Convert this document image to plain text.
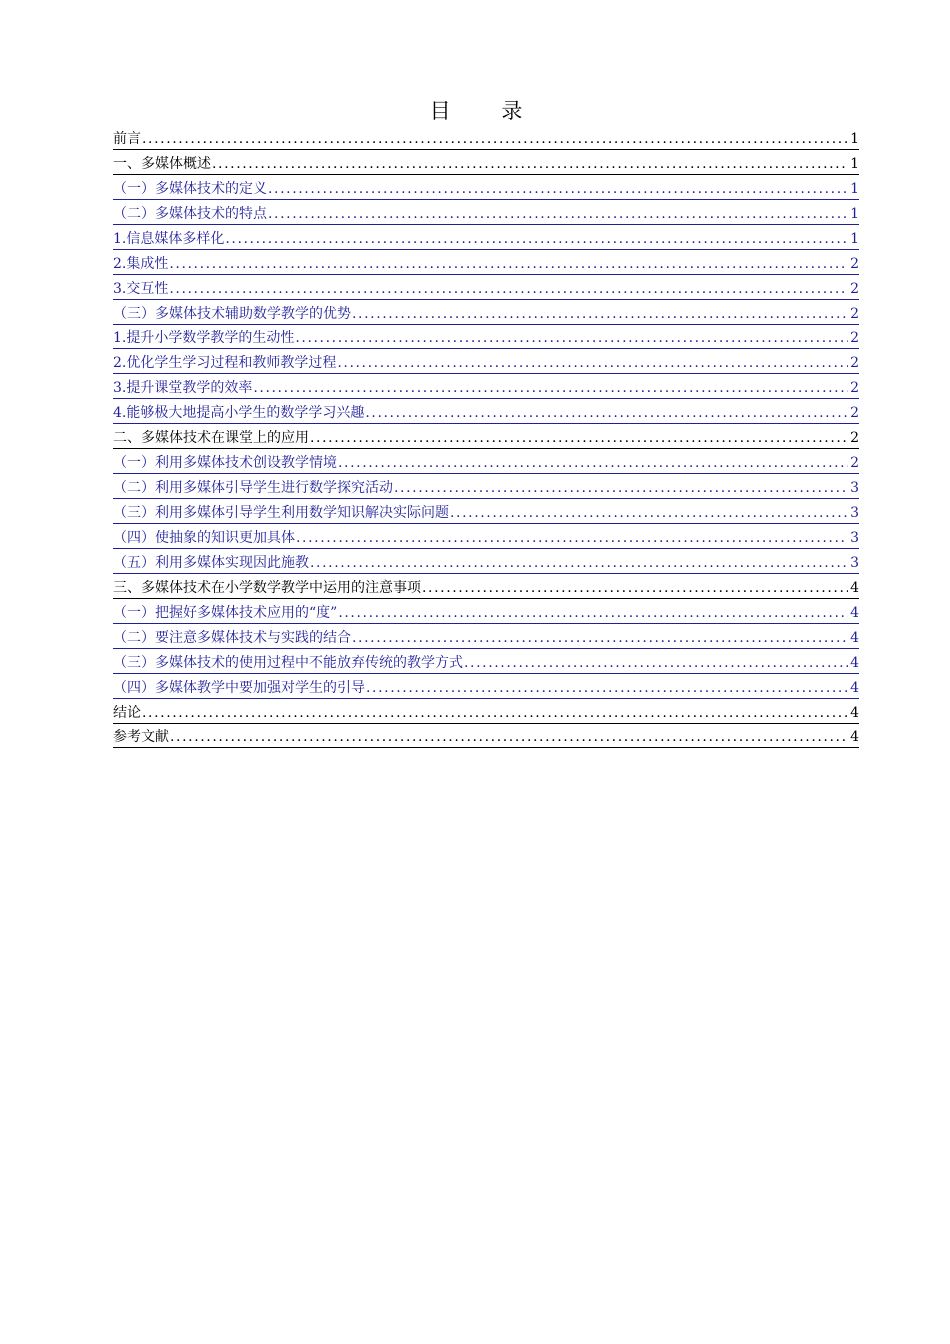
目 录
前言 .....	1
一、多媒体概述 .....	1
（一）多媒体技术的定义 .....	1
（二）多媒体技术的特点 .....	1
1.信息媒体多样化 .....	1
2.集成性 .....	2
3.交互性 .....	2
（三）多媒体技术辅助数学教学的优势 .....	2
1.提升小学数学教学的生动性 .....	2
2.优化学生学习过程和教师教学过程 .....	2
3.提升课堂教学的效率 .....	2
4.能够极大地提高小学生的数学学习兴趣 .....	2
二、多媒体技术在课堂上的应用 .....	2
（一）利用多媒体技术创设教学情境 .....	2
（二）利用多媒体引导学生进行数学探究活动 .....	3
（三）利用多媒体引导学生利用数学知识解决实际问题 .....	3
（四）使抽象的知识更加具体 .....	3
（五）利用多媒体实现因此施教 .....	3
三、多媒体技术在小学数学教学中运用的注意事项 .....	4
（一）把握好多媒体技术应用的“度” .....	4
（二）要注意多媒体技术与实践的结合 .....	4
（三）多媒体技术的使用过程中不能放弃传统的教学方式 .....	4
（四）多媒体教学中要加强对学生的引导 .....	4
结论 .....	4
参考文献 .....	4
